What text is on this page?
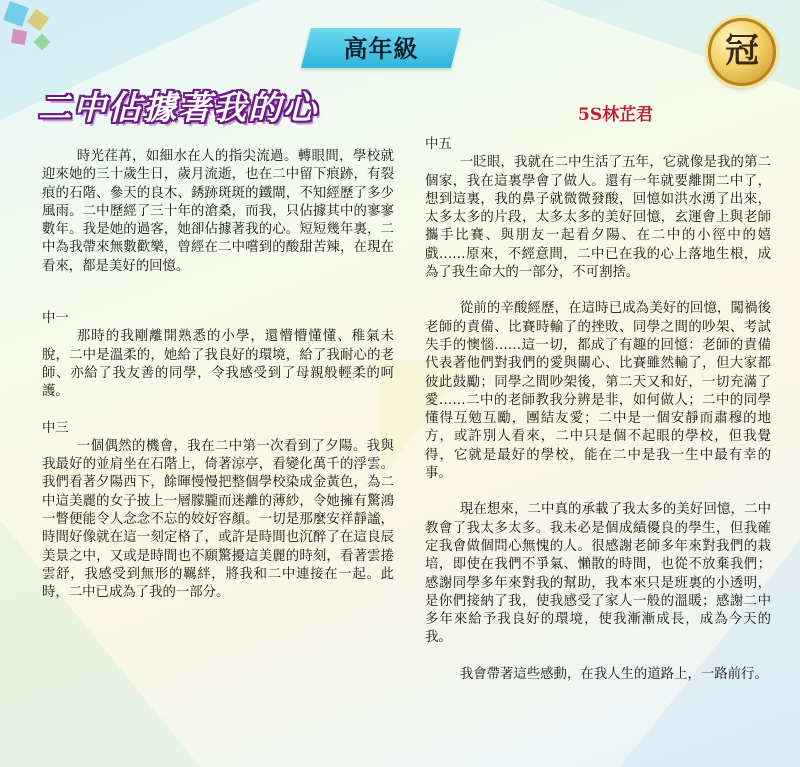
高年級	冠
二中佔據著我的心	5S林芷君

時光荏苒，如細水在人的指尖流過。轉眼間，學校就迎來她的三十歲生日，歲月流逝，也在二中留下痕跡，有裂痕的石階、參天的良木、銹跡斑斑的鐵閘，不知經歷了多少風雨。二中歷經了三十年的滄桑，而我，只佔據其中的寥寥數年。我是她的過客，她卻佔據著我的心。短短幾年裏，二中為我帶來無數歡樂，曾經在二中嚐到的酸甜苦辣，在現在看來，都是美好的回憶。

中一

那時的我剛離開熟悉的小學，還懵懵懂懂、稚氣未脫，二中是溫柔的，她給了我良好的環境，給了我耐心的老師、亦給了我友善的同學，令我感受到了母親般輕柔的呵護。

中三

一個偶然的機會，我在二中第一次看到了夕陽。我與我最好的並肩坐在石階上，倚著涼亭，看變化萬千的浮雲。我們看著夕陽西下，餘暉慢慢把整個學校染成金黃色，為二中這美麗的女子披上一層朦朧而迷離的薄紗，令她擁有驚鴻一瞥便能令人念念不忘的姣好容顏。一切是那麼安祥靜謐，時間好像就在這一刻定格了，或許是時間也沉醉了在這良辰美景之中，又或是時間也不願驚擾這美麗的時刻，看著雲捲雲舒，我感受到無形的羈絆，將我和二中連接在一起。此時，二中已成為了我的一部分。

中五

一眨眼，我就在二中生活了五年，它就像是我的第二個家，我在這裏學會了做人。還有一年就要離開二中了，想到這裏，我的鼻子就微微發酸，回憶如洪水湧了出來，太多太多的片段，太多太多的美好回憶，玄運會上與老師攜手比賽、與朋友一起看夕陽、在二中的小徑中的嬉戲……原來，不經意間，二中已在我的心上落地生根，成為了我生命大的一部分，不可割捨。

從前的辛酸經歷，在這時已成為美好的回憶，闖禍後老師的責備、比賽時輸了的挫敗、同學之間的吵架、考試失手的懊惱……這一切，都成了有趣的回憶：老師的責備代表著他們對我們的愛與關心、比賽雖然輸了，但大家都彼此鼓勵；同學之間吵架後，第二天又和好，一切充滿了愛……二中的老師教我分辨是非，如何做人；二中的同學懂得互勉互勵，團結友愛；二中是一個安靜而肅穆的地方，或許別人看來，二中只是個不起眼的學校，但我覺得，它就是最好的學校，能在二中是我一生中最有幸的事。

現在想來，二中真的承載了我太多的美好回憶，二中教會了我太多太多。我未必是個成績優良的學生，但我確定我會做個問心無愧的人。很感謝老師多年來對我們的栽培，即使在我們不爭氣、懶散的時間，也從不放棄我們；感謝同學多年來對我的幫助，我本來只是班裏的小透明，是你們接納了我，使我感受了家人一般的溫暖；感謝二中多年來給予我良好的環境，使我漸漸成長，成為今天的我。

我會帶著這些感動，在我人生的道路上，一路前行。
